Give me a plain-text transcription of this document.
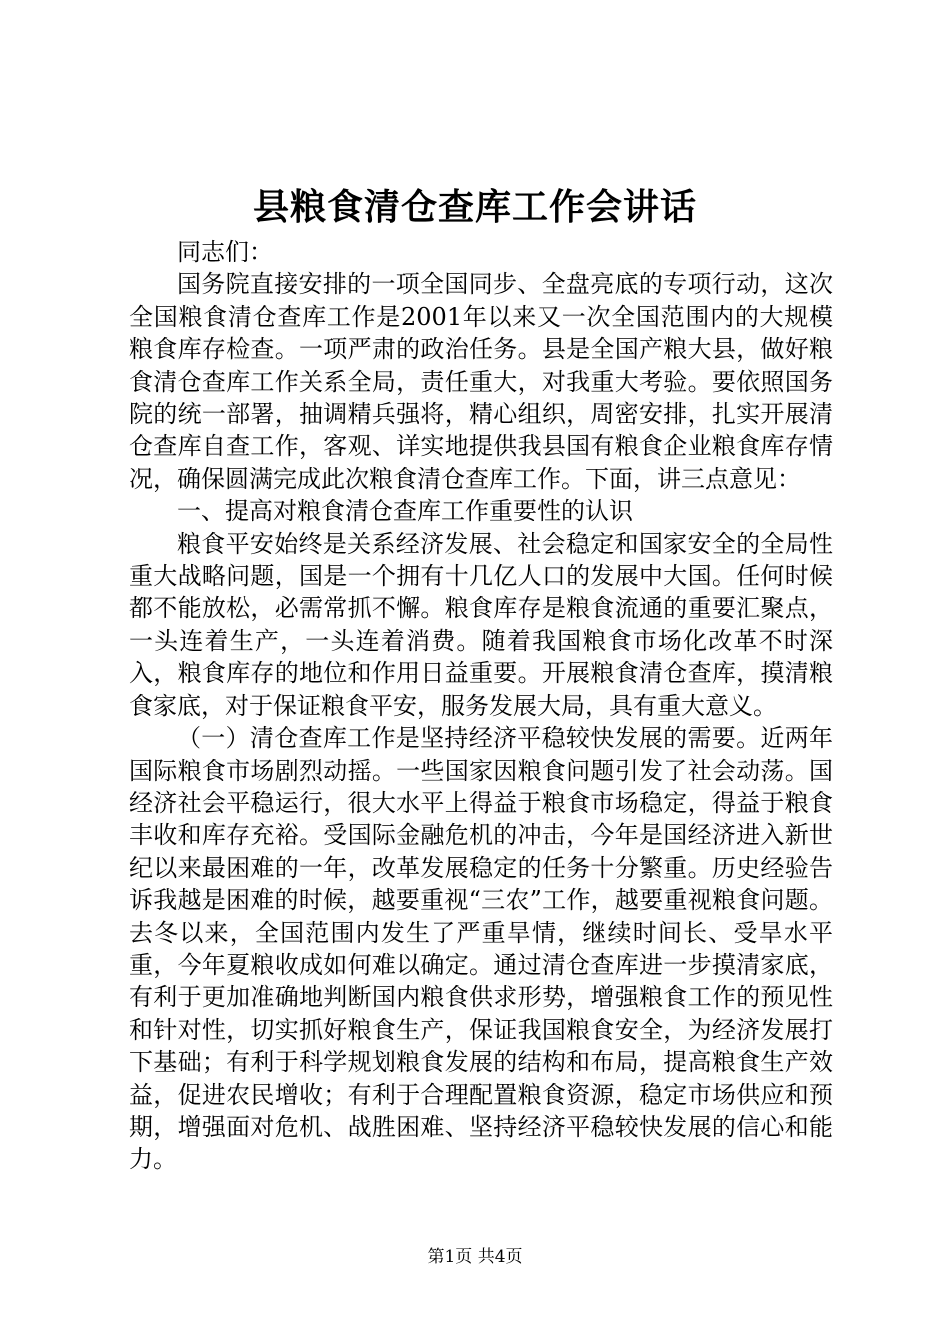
县粮食清仓查库工作会讲话

同志们：

国务院直接安排的一项全国同步、全盘亮底的专项行动，这次全国粮食清仓查库工作是2001年以来又一次全国范围内的大规模粮食库存检查。一项严肃的政治任务。县是全国产粮大县，做好粮食清仓查库工作关系全局，责任重大，对我重大考验。要依照国务院的统一部署，抽调精兵强将，精心组织，周密安排，扎实开展清仓查库自查工作，客观、详实地提供我县国有粮食企业粮食库存情况，确保圆满完成此次粮食清仓查库工作。下面，讲三点意见：

一、提高对粮食清仓查库工作重要性的认识

粮食平安始终是关系经济发展、社会稳定和国家安全的全局性重大战略问题，国是一个拥有十几亿人口的发展中大国。任何时候都不能放松，必需常抓不懈。粮食库存是粮食流通的重要汇聚点，一头连着生产，一头连着消费。随着我国粮食市场化改革不时深入，粮食库存的地位和作用日益重要。开展粮食清仓查库，摸清粮食家底，对于保证粮食平安，服务发展大局，具有重大意义。

（一）清仓查库工作是坚持经济平稳较快发展的需要。近两年国际粮食市场剧烈动摇。一些国家因粮食问题引发了社会动荡。国经济社会平稳运行，很大水平上得益于粮食市场稳定，得益于粮食丰收和库存充裕。受国际金融危机的冲击，今年是国经济进入新世纪以来最困难的一年，改革发展稳定的任务十分繁重。历史经验告诉我越是困难的时候，越要重视“三农”工作，越要重视粮食问题。去冬以来，全国范围内发生了严重旱情，继续时间长、受旱水平重，今年夏粮收成如何难以确定。通过清仓查库进一步摸清家底，有利于更加准确地判断国内粮食供求形势，增强粮食工作的预见性和针对性，切实抓好粮食生产，保证我国粮食安全，为经济发展打下基础；有利于科学规划粮食发展的结构和布局，提高粮食生产效益，促进农民增收；有利于合理配置粮食资源，稳定市场供应和预期，增强面对危机、战胜困难、坚持经济平稳较快发展的信心和能力。

第1页 共4页
